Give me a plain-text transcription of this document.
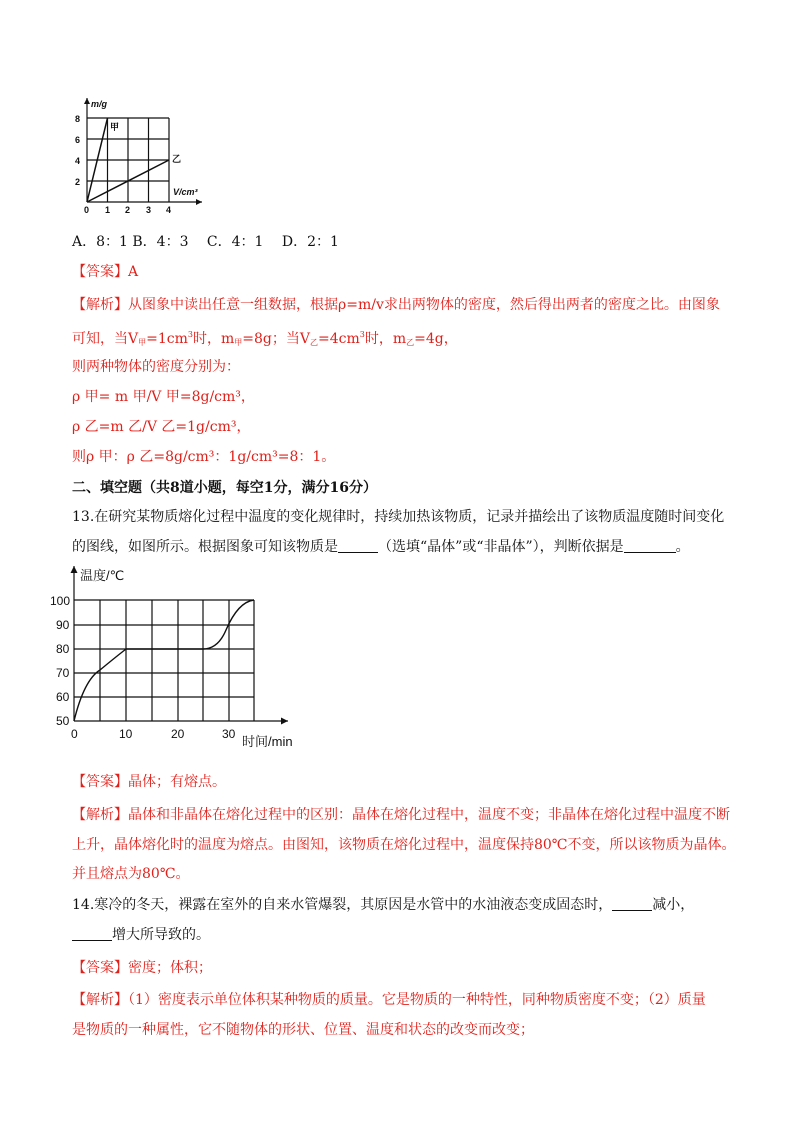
m/g
8
6
4
2
0 1 2 3 4
V/cm³
甲
乙
A．8：1 B．4：3　 C．4：1　 D．2：1
【答案】A
【解析】从图象中读出任意一组数据，根据ρ=m/v求出两物体的密度，然后得出两者的密度之比。由图象
可知，当$V_甲=1cm^3$时，$m_甲=8g$；当$V_乙=4cm^3$时，$m_乙=4g$，
则两种物体的密度分别为：
ρ 甲= m 甲/V 甲=8g/cm³，
ρ 乙=m 乙/V 乙=1g/cm³，
则ρ 甲：ρ 乙=8g/cm³：1g/cm³=8：1。
二、填空题（共8道小题，每空1分，满分16分）
13.在研究某物质熔化过程中温度的变化规律时，持续加热该物质，记录并描绘出了该物质温度随时间变化
的图线，如图所示。根据图象可知该物质是	（选填“晶体”或“非晶体”），判断依据是	。
温度/℃
100
90
80
70
60
50
0	10	20	30 时间/min
【答案】晶体；有熔点。
【解析】晶体和非晶体在熔化过程中的区别：晶体在熔化过程中，温度不变；非晶体在熔化过程中温度不断
上升，晶体熔化时的温度为熔点。由图知，该物质在熔化过程中，温度保持80℃不变，所以该物质为晶体。
并且熔点为80℃。
14.寒冷的冬天，裸露在室外的自来水管爆裂，其原因是水管中的水油液态变成固态时，	减小，
增大所导致的。
【答案】密度；体积；
【解析】（1）密度表示单位体积某种物质的质量。它是物质的一种特性，同种物质密度不变；（2）质量
是物质的一种属性，它不随物体的形状、位置、温度和状态的改变而改变；
